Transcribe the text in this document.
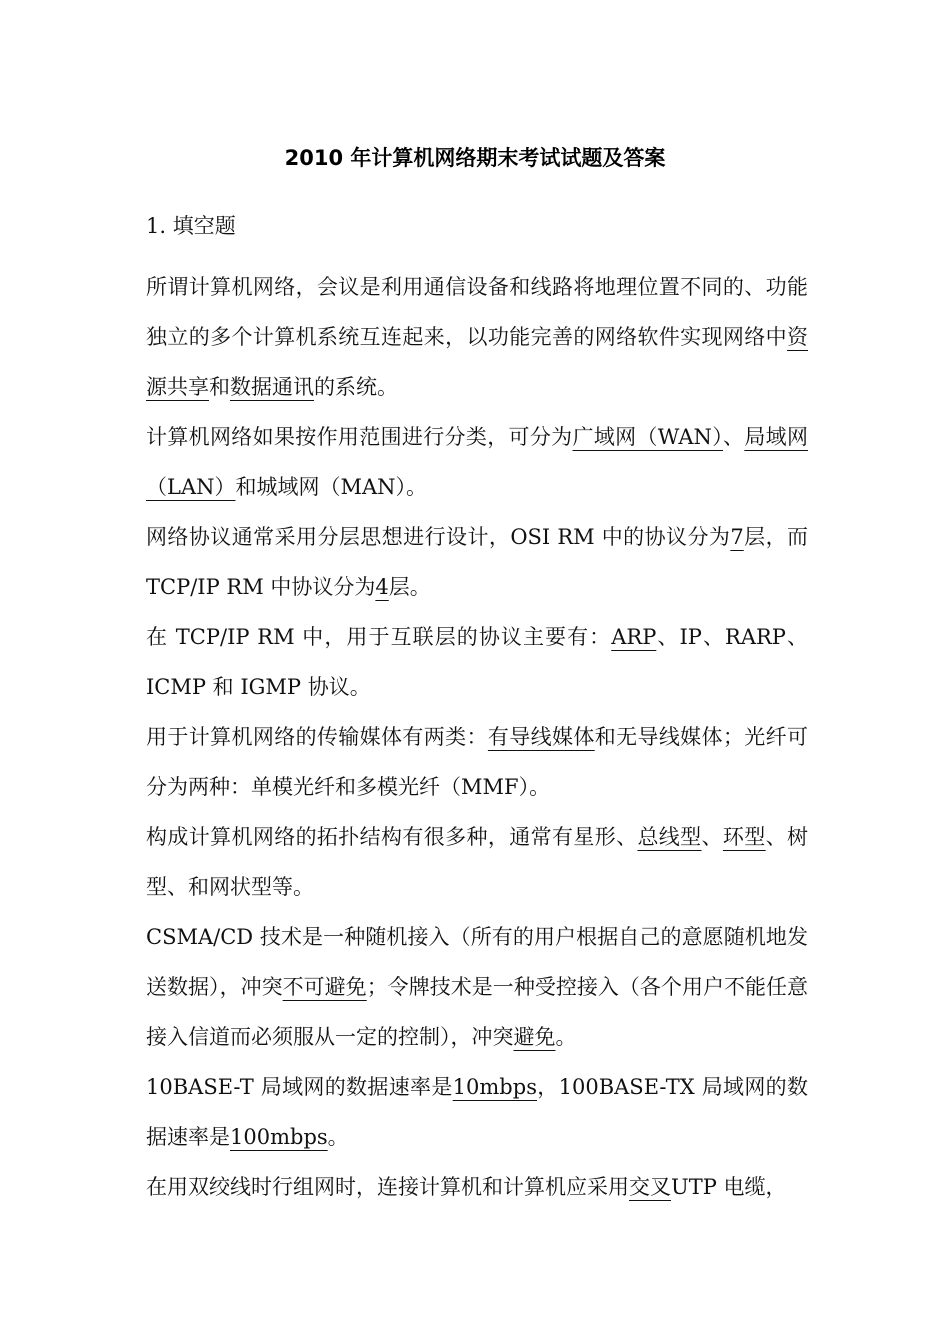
2010 年计算机网络期末考试试题及答案
1. 填空题

所谓计算机网络，会议是利用通信设备和线路将地理位置不同的、功能独立的多个计算机系统互连起来，以功能完善的网络软件实现网络中资源共享和数据通讯的系统。

计算机网络如果按作用范围进行分类，可分为广域网（WAN）、局域网（LAN）和城域网（MAN）。

网络协议通常采用分层思想进行设计，OSI RM 中的协议分为7层，而 TCP/IP RM 中协议分为4层。

在 TCP/IP RM 中，用于互联层的协议主要有：ARP、IP、RARP、ICMP 和 IGMP 协议。

用于计算机网络的传输媒体有两类：有导线媒体和无导线媒体；光纤可分为两种：单模光纤和多模光纤（MMF）。

构成计算机网络的拓扑结构有很多种，通常有星形、总线型、环型、树型、和网状型等。

CSMA/CD 技术是一种随机接入（所有的用户根据自己的意愿随机地发送数据），冲突不可避免；令牌技术是一种受控接入（各个用户不能任意接入信道而必须服从一定的控制），冲突避免。

10BASE-T 局域网的数据速率是10mbps，100BASE-TX 局域网的数据速率是100mbps。

在用双绞线时行组网时，连接计算机和计算机应采用交叉UTP 电缆，
